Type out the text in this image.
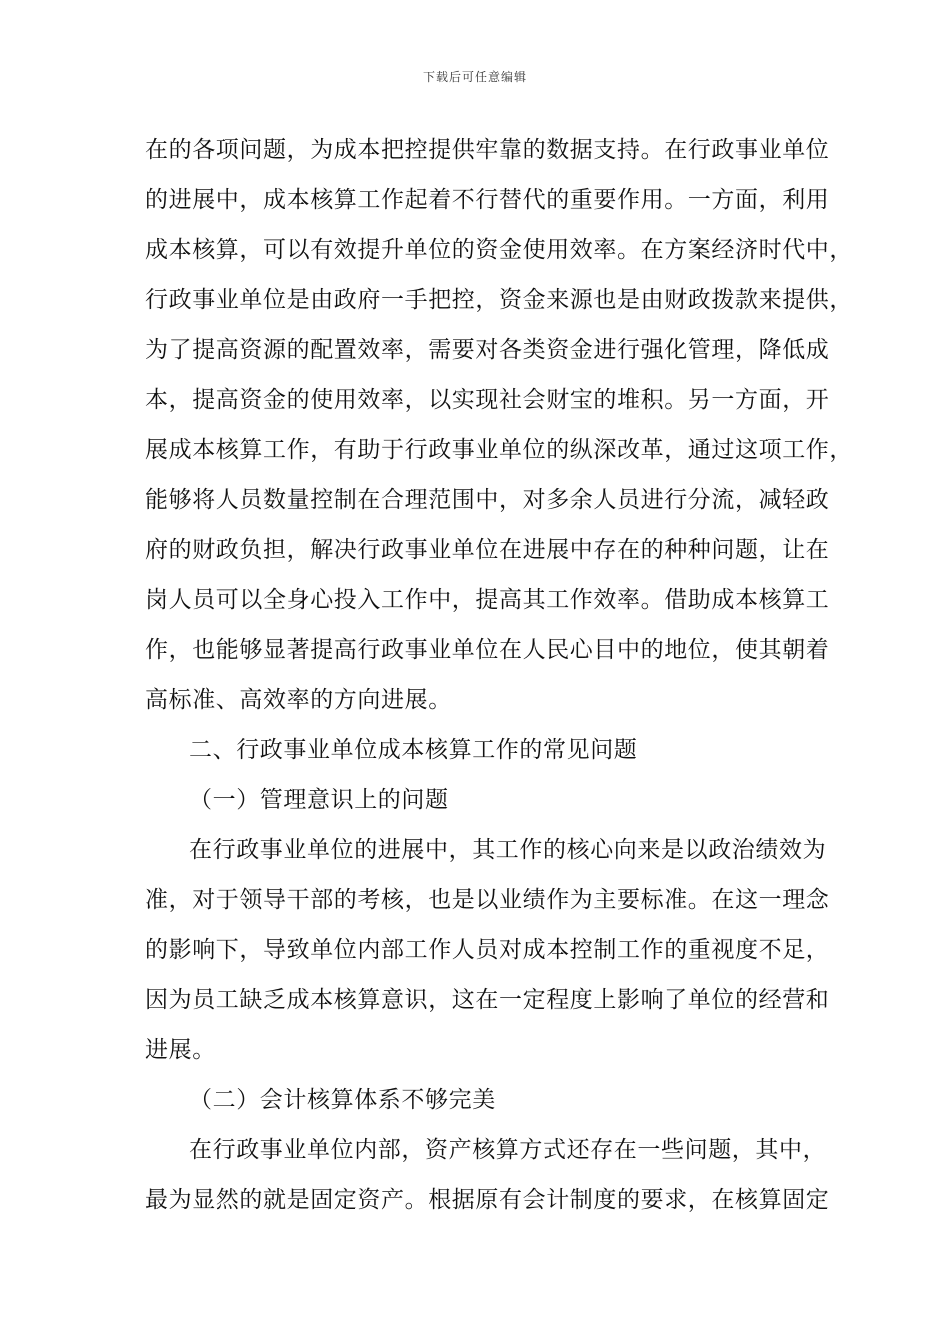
下载后可任意编辑
在的各项问题，为成本把控提供牢靠的数据支持。在行政事业单位
的进展中，成本核算工作起着不行替代的重要作用。一方面，利用
成本核算，可以有效提升单位的资金使用效率。在方案经济时代中，
行政事业单位是由政府一手把控，资金来源也是由财政拨款来提供，
为了提高资源的配置效率，需要对各类资金进行强化管理，降低成
本，提高资金的使用效率，以实现社会财宝的堆积。另一方面，开
展成本核算工作，有助于行政事业单位的纵深改革，通过这项工作，
能够将人员数量控制在合理范围中，对多余人员进行分流，减轻政
府的财政负担，解决行政事业单位在进展中存在的种种问题，让在
岗人员可以全身心投入工作中，提高其工作效率。借助成本核算工
作，也能够显著提高行政事业单位在人民心目中的地位，使其朝着
高标准、高效率的方向进展。
二、行政事业单位成本核算工作的常见问题
（一）管理意识上的问题
在行政事业单位的进展中，其工作的核心向来是以政治绩效为
准，对于领导干部的考核，也是以业绩作为主要标准。在这一理念
的影响下，导致单位内部工作人员对成本控制工作的重视度不足，
因为员工缺乏成本核算意识，这在一定程度上影响了单位的经营和
进展。
（二）会计核算体系不够完美
在行政事业单位内部，资产核算方式还存在一些问题，其中，
最为显然的就是固定资产。根据原有会计制度的要求，在核算固定
